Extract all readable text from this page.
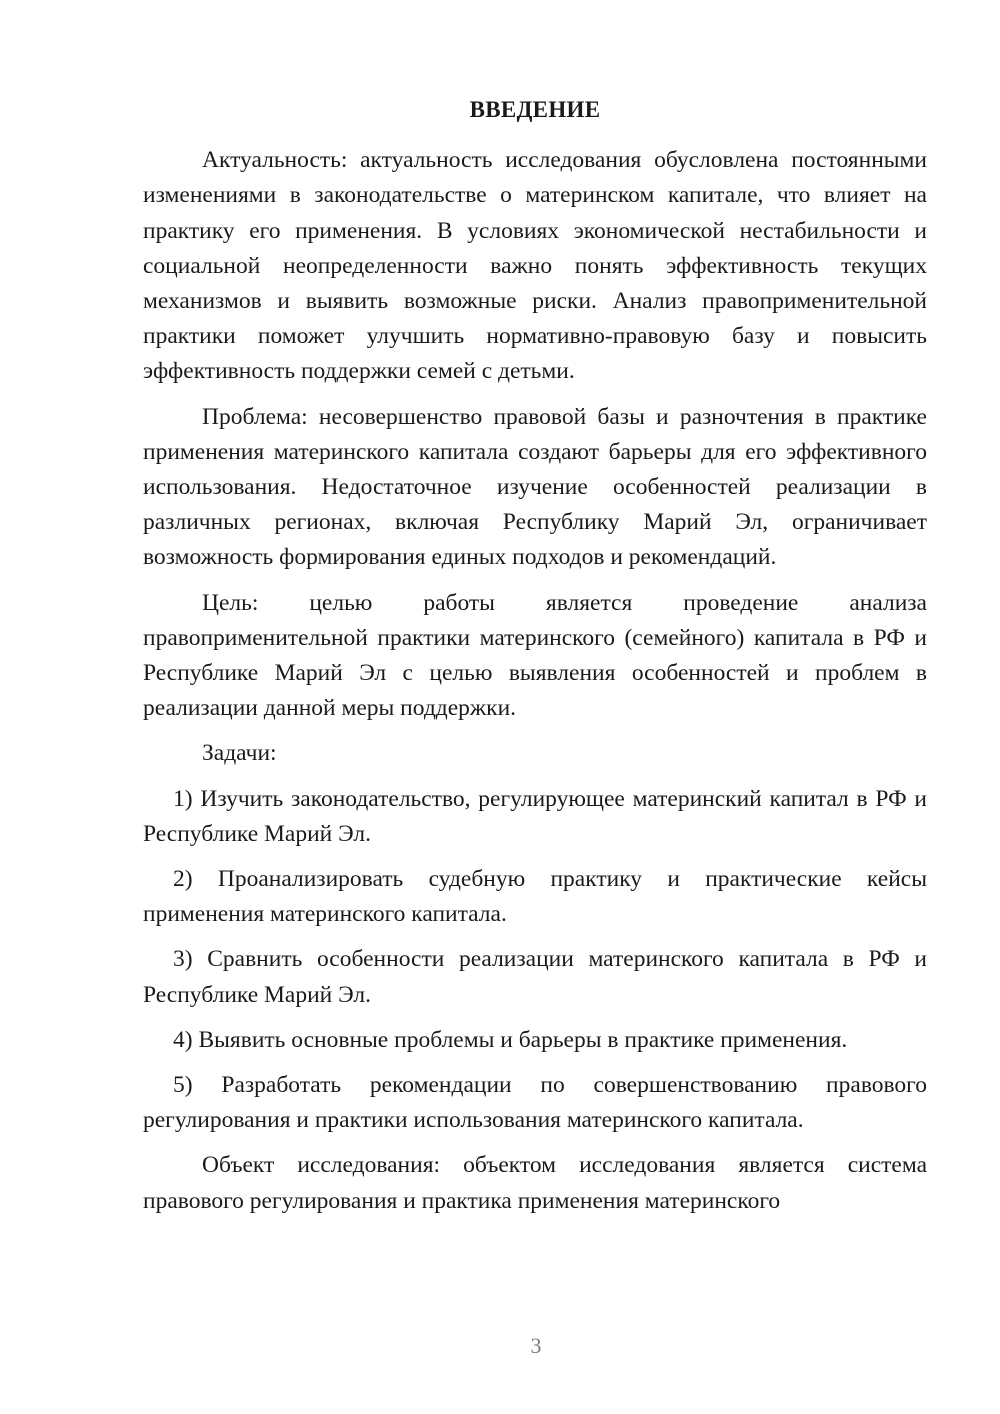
ВВЕДЕНИЕ

Актуальность: актуальность исследования обусловлена постоянными изменениями в законодательстве о материнском капитале, что влияет на практику его применения. В условиях экономической нестабильности и социальной неопределенности важно понять эффективность текущих механизмов и выявить возможные риски. Анализ правоприменительной практики поможет улучшить нормативно-правовую базу и повысить эффективность поддержки семей с детьми.

Проблема: несовершенство правовой базы и разночтения в практике применения материнского капитала создают барьеры для его эффективного использования. Недостаточное изучение особенностей реализации в различных регионах, включая Республику Марий Эл, ограничивает возможность формирования единых подходов и рекомендаций.

Цель: целью работы является проведение анализа правоприменительной практики материнского (семейного) капитала в РФ и Республике Марий Эл с целью выявления особенностей и проблем в реализации данной меры поддержки.

Задачи:

1) Изучить законодательство, регулирующее материнский капитал в РФ и Республике Марий Эл.

2) Проанализировать судебную практику и практические кейсы применения материнского капитала.

3) Сравнить особенности реализации материнского капитала в РФ и Республике Марий Эл.

4) Выявить основные проблемы и барьеры в практике применения.

5) Разработать рекомендации по совершенствованию правового регулирования и практики использования материнского капитала.

Объект исследования: объектом исследования является система правового регулирования и практика применения материнского

3
